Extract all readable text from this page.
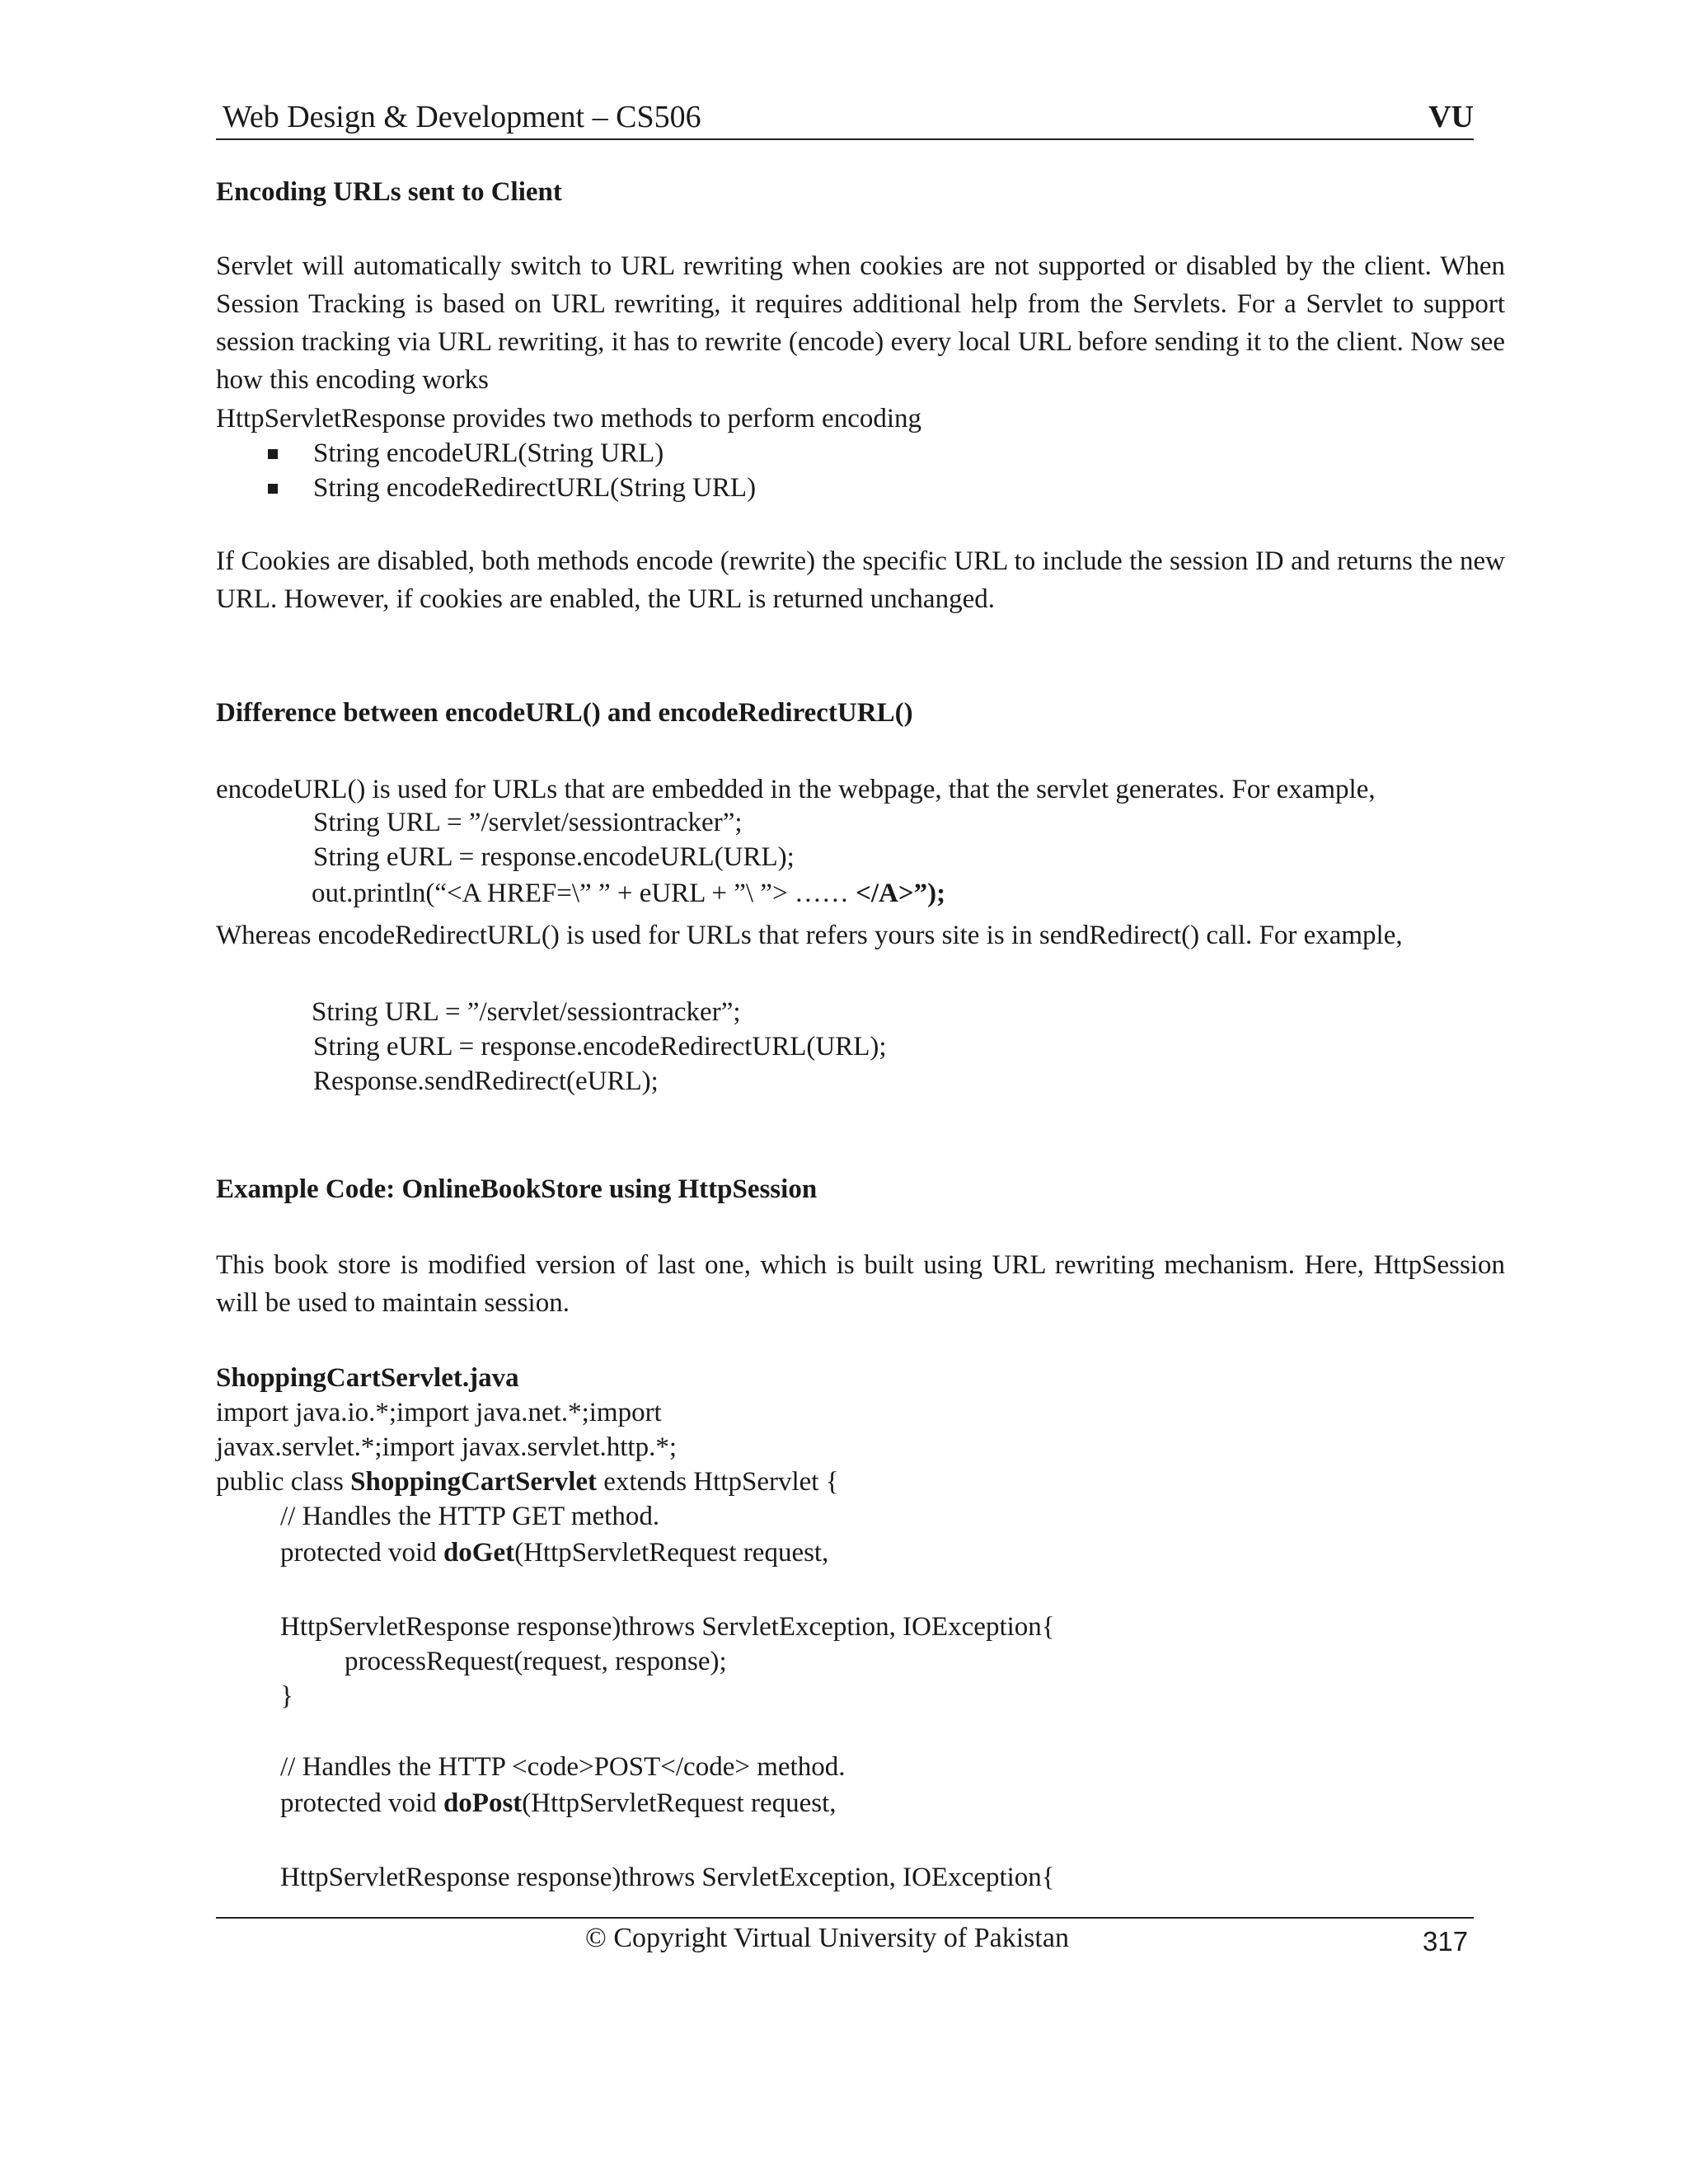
Web Design & Development – CS506	VU
Encoding URLs sent to Client
Servlet will automatically switch to URL rewriting when cookies are not supported or disabled by the client. When Session Tracking is based on URL rewriting, it requires additional help from the Servlets. For a Servlet to support session tracking via URL rewriting, it has to rewrite (encode) every local URL before sending it to the client. Now see how this encoding works
HttpServletResponse provides two methods to perform encoding
String encodeURL(String URL)
String encodeRedirectURL(String URL)
If Cookies are disabled, both methods encode (rewrite) the specific URL to include the session ID and returns the new URL. However, if cookies are enabled, the URL is returned unchanged.
Difference between encodeURL() and encodeRedirectURL()
encodeURL() is used for URLs that are embedded in the webpage, that the servlet generates. For example,
String URL = ”/servlet/sessiontracker”;
String eURL = response.encodeURL(URL);
out.println(“<A HREF=\” ” + eURL + ”\ ”> …… </A>”);
Whereas encodeRedirectURL() is used for URLs that refers yours site is in sendRedirect() call. For example,
String URL = ”/servlet/sessiontracker”;
String eURL = response.encodeRedirectURL(URL);
Response.sendRedirect(eURL);
Example Code: OnlineBookStore using HttpSession
This book store is modified version of last one, which is built using URL rewriting mechanism. Here, HttpSession will be used to maintain session.
ShoppingCartServlet.java
import java.io.*;import java.net.*;import
javax.servlet.*;import javax.servlet.http.*;
public class ShoppingCartServlet extends HttpServlet {
// Handles the HTTP GET method.
protected void doGet(HttpServletRequest request,
HttpServletResponse response)throws ServletException, IOException{
processRequest(request, response);
}
// Handles the HTTP <code>POST</code> method.
protected void doPost(HttpServletRequest request,
HttpServletResponse response)throws ServletException, IOException{
© Copyright Virtual University of Pakistan	317
